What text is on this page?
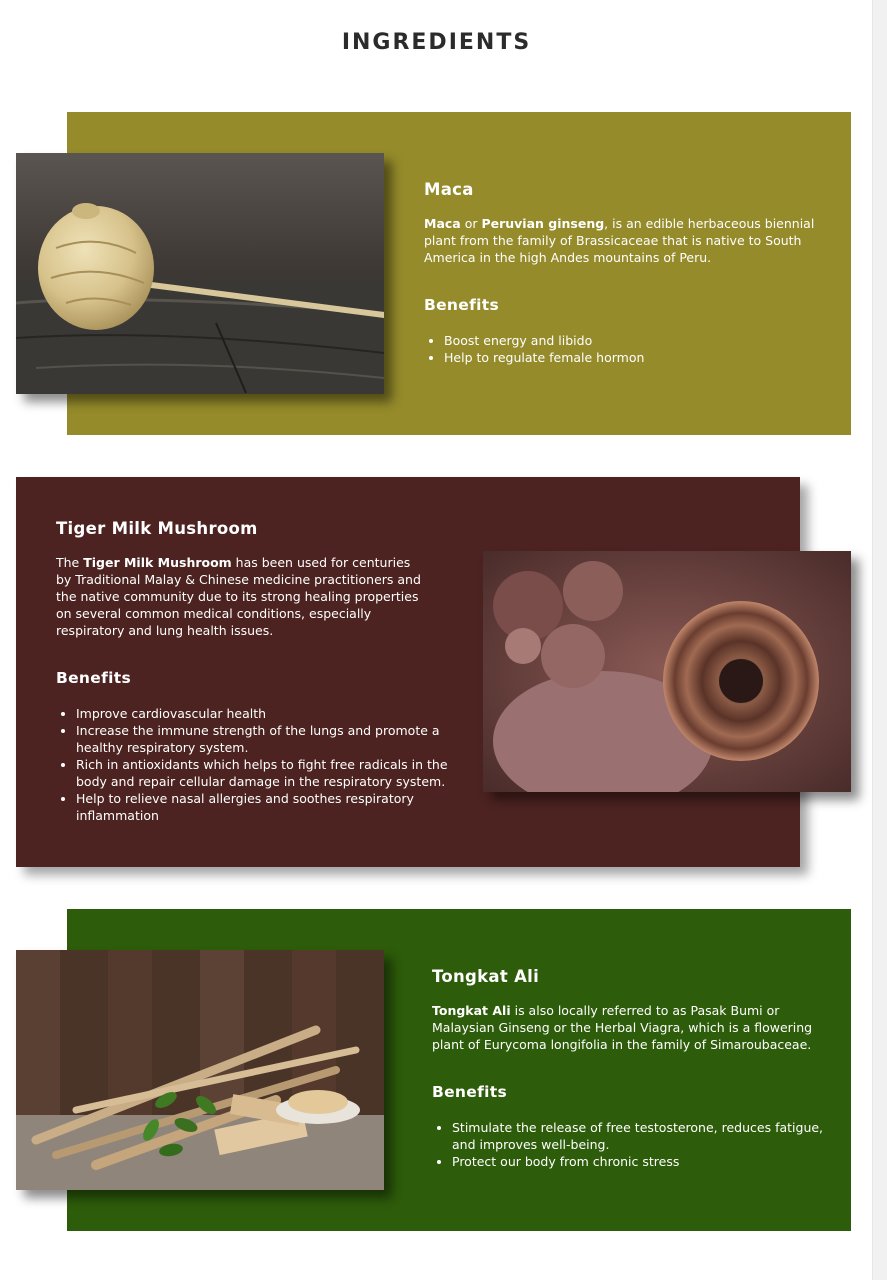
INGREDIENTS
Maca

Maca or Peruvian ginseng, is an edible herbaceous biennial plant from the family of Brassicaceae that is native to South America in the high Andes mountains of Peru.

Benefits
• Boost energy and libido
• Help to regulate female hormon
Tiger Milk Mushroom

The Tiger Milk Mushroom has been used for centuries by Traditional Malay & Chinese medicine practitioners and the native community due to its strong healing properties on several common medical conditions, especially respiratory and lung health issues.

Benefits
• Improve cardiovascular health
• Increase the immune strength of the lungs and promote a healthy respiratory system.
• Rich in antioxidants which helps to fight free radicals in the body and repair cellular damage in the respiratory system.
• Help to relieve nasal allergies and soothes respiratory inflammation
Tongkat Ali

Tongkat Ali is also locally referred to as Pasak Bumi or Malaysian Ginseng or the Herbal Viagra, which is a flowering plant of Eurycoma longifolia in the family of Simaroubaceae.

Benefits
• Stimulate the release of free testosterone, reduces fatigue, and improves well-being.
• Protect our body from chronic stress
